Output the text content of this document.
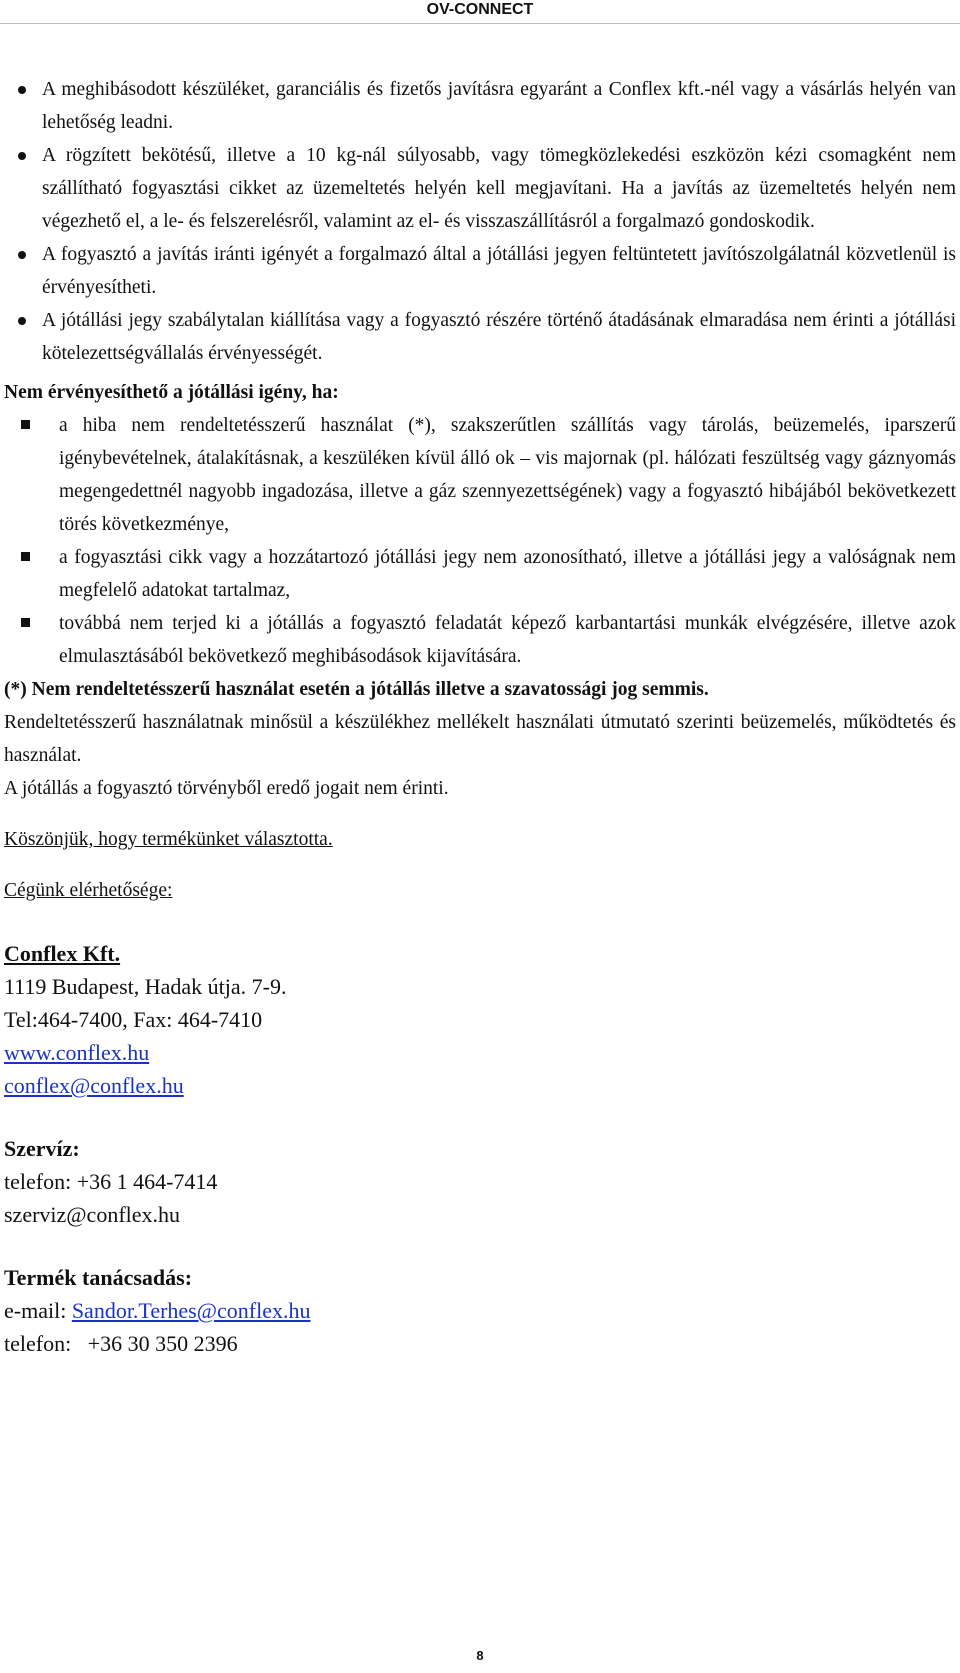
OV-CONNECT
A meghibásodott készüléket, garanciális és fizetős javításra egyaránt a Conflex kft.-nél vagy a vásárlás helyén van lehetőség leadni.
A rögzített bekötésű, illetve a 10 kg-nál súlyosabb, vagy tömegközlekedési eszközön kézi csomagként nem szállítható fogyasztási cikket az üzemeltetés helyén kell megjavítani. Ha a javítás az üzemeltetés helyén nem végezhető el, a le- és felszerelésről, valamint az el- és visszaszállításról a forgalmazó gondoskodik.
A fogyasztó a javítás iránti igényét a forgalmazó által a jótállási jegyen feltüntetett javítószolgálatnál közvetlenül is érvényesítheti.
A jótállási jegy szabálytalan kiállítása vagy a fogyasztó részére történő átadásának elmaradása nem érinti a jótállási kötelezettségvállalás érvényességét.

Nem érvényesíthető a jótállási igény, ha:

a hiba nem rendeltetésszerű használat (*), szakszerűtlen szállítás vagy tárolás, beüzemelés, iparszerű igénybevételnek, átalakításnak, a keszüléken kívül álló ok – vis majornak (pl. hálózati feszültség vagy gáznyomás megengedettnél nagyobb ingadozása, illetve a gáz szennyezettségének) vagy a fogyasztó hibájából bekövetkezett törés következménye,
a fogyasztási cikk vagy a hozzátartozó jótállási jegy nem azonosítható, illetve a jótállási jegy a valóságnak nem megfelelő adatokat tartalmaz,
továbbá nem terjed ki a jótállás a fogyasztó feladatát képező karbantartási munkák elvégzésére, illetve azok elmulasztásából bekövetkező meghibásodások kijavítására.

(*) Nem rendeltetésszerű használat esetén a jótállás illetve a szavatossági jog semmis.

Rendeltetésszerű használatnak minősül a készülékhez mellékelt használati útmutató szerinti beüzemelés, működtetés és használat.

A jótállás a fogyasztó törvényből eredő jogait nem érinti.

Köszönjük, hogy termékünket választotta.

Cégünk elérhetősége:

Conflex Kft.

1119 Budapest, Hadak útja. 7-9.

Tel:464-7400, Fax: 464-7410

www.conflex.hu

conflex@conflex.hu

Szervíz:

telefon: +36 1 464-7414

szerviz@conflex.hu

Termék tanácsadás:

e-mail: Sandor.Terhes@conflex.hu

telefon:   +36 30 350 2396

8
